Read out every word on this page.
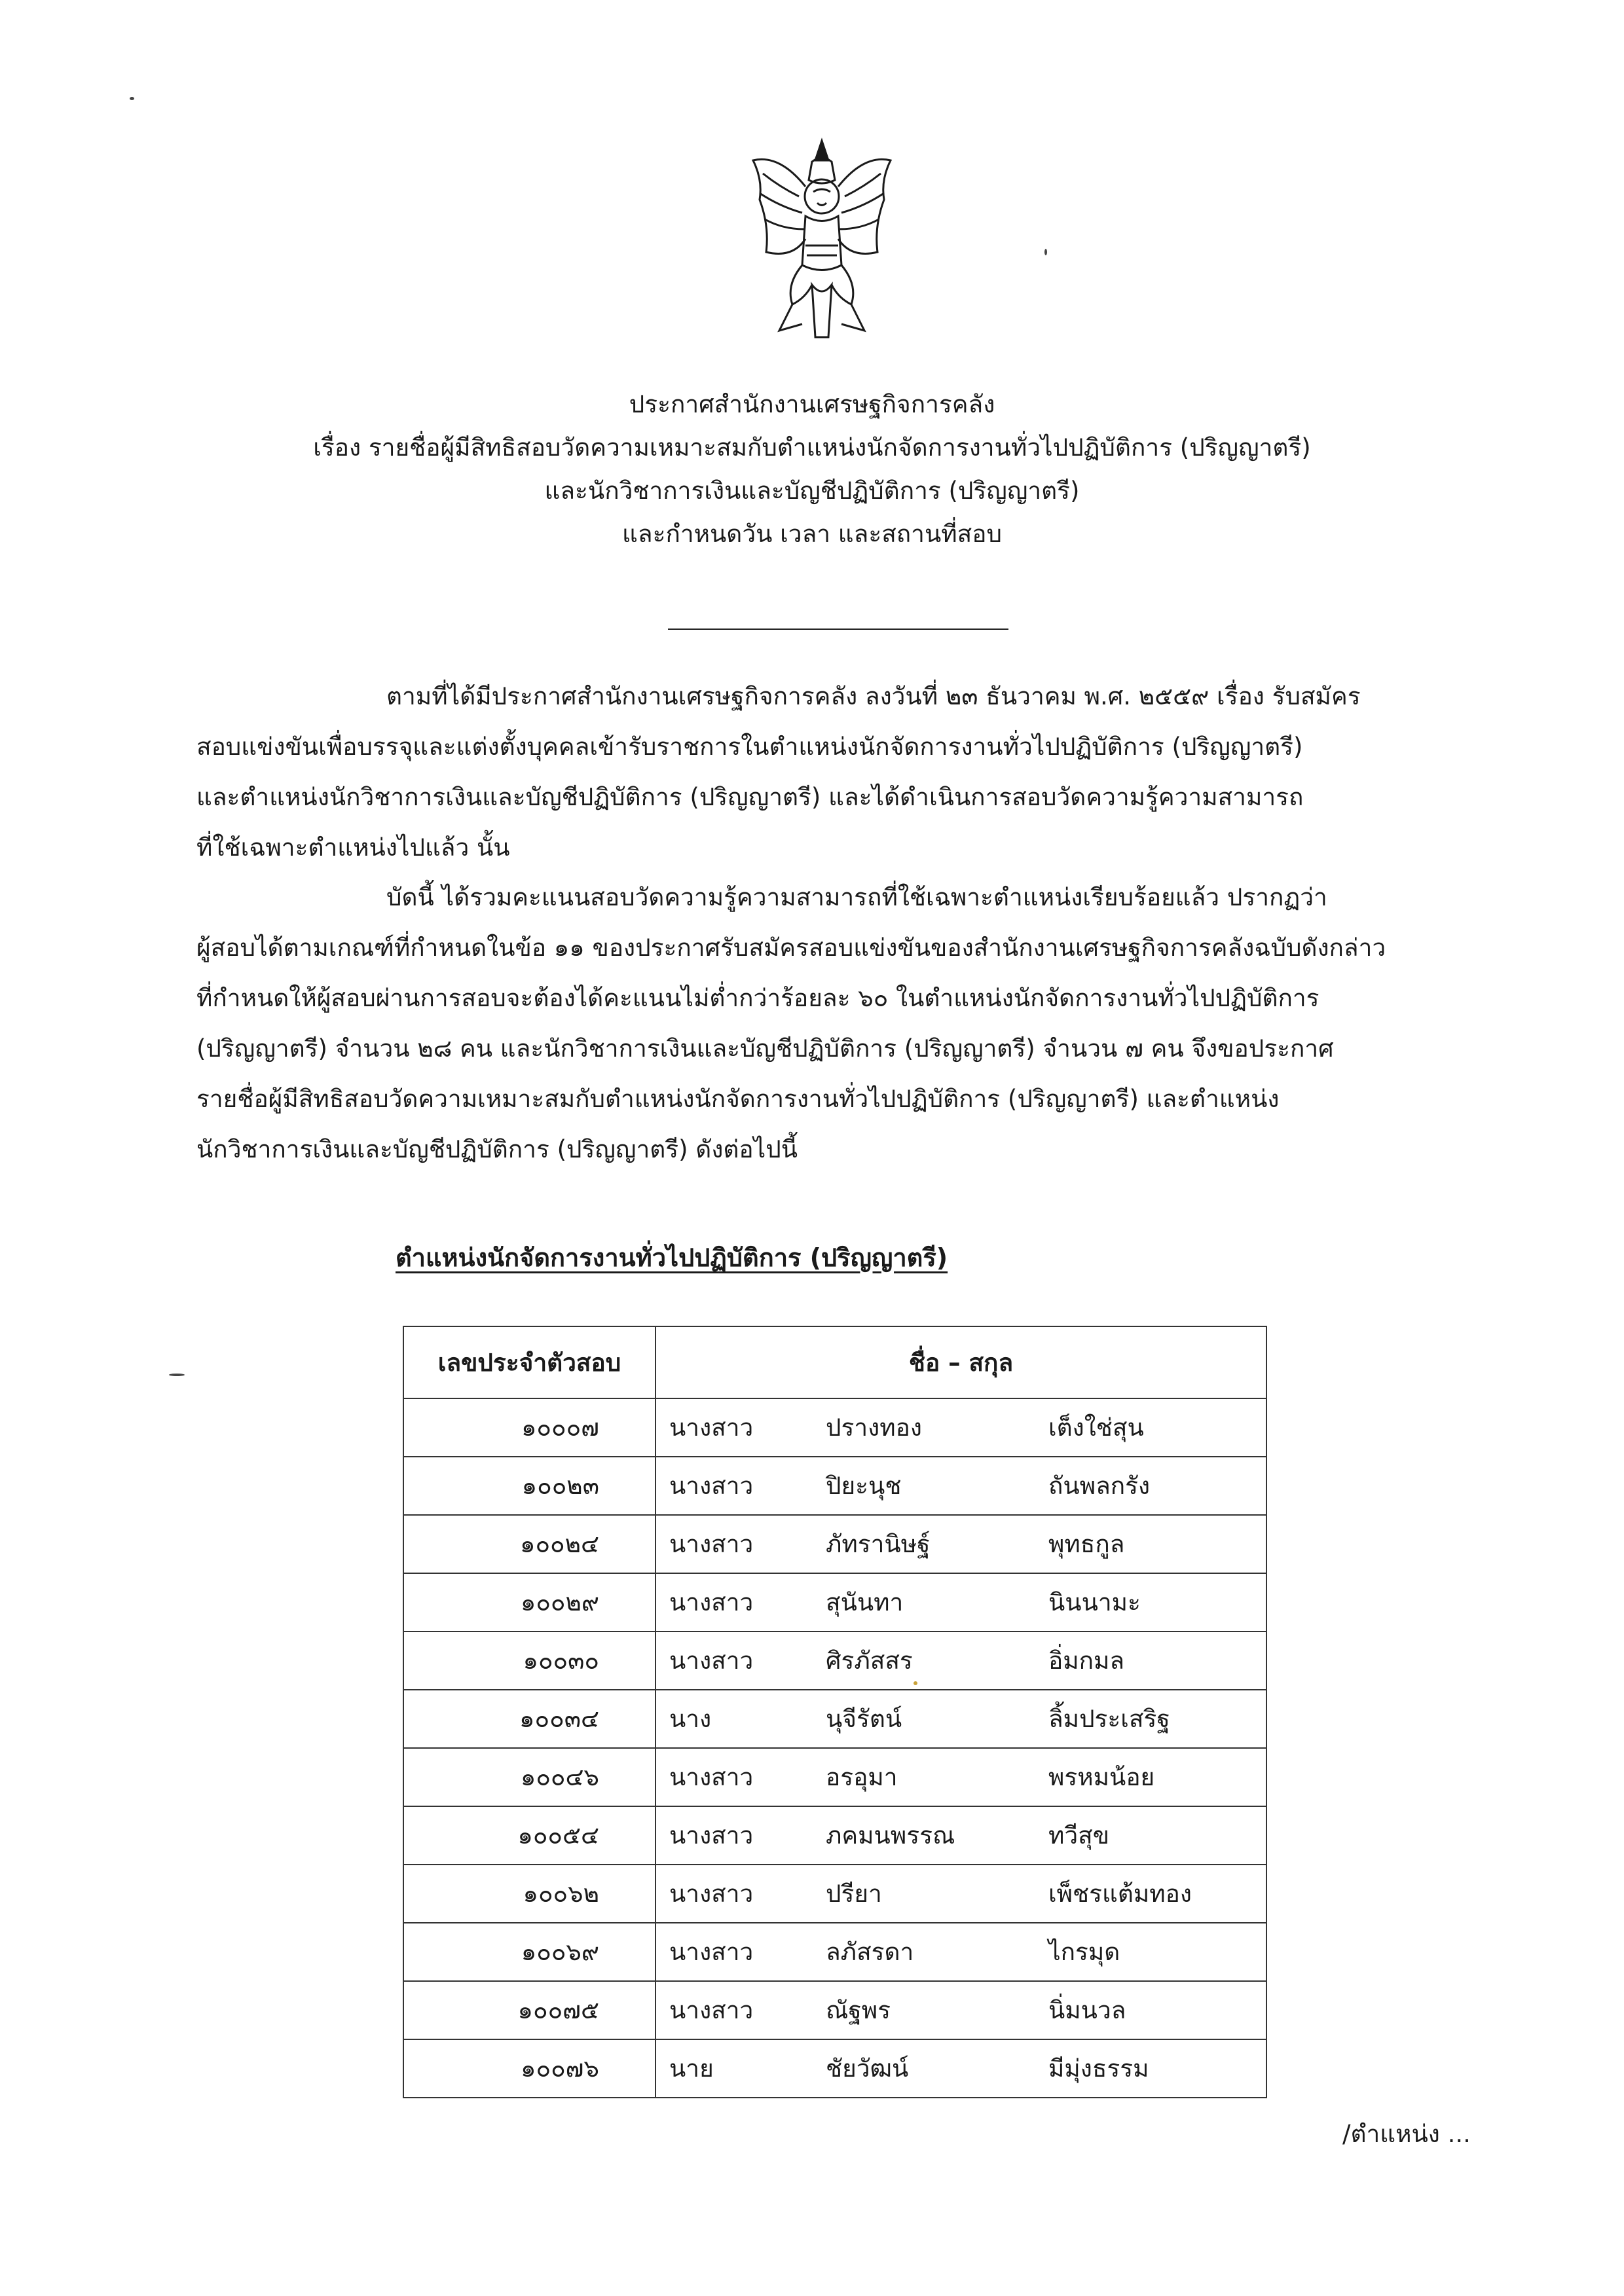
ประกาศสำนักงานเศรษฐกิจการคลัง
เรื่อง รายชื่อผู้มีสิทธิสอบวัดความเหมาะสมกับตำแหน่งนักจัดการงานทั่วไปปฏิบัติการ (ปริญญาตรี)
และนักวิชาการเงินและบัญชีปฏิบัติการ (ปริญญาตรี)
และกำหนดวัน เวลา และสถานที่สอบ
ตามที่ได้มีประกาศสำนักงานเศรษฐกิจการคลัง ลงวันที่ ๒๓ ธันวาคม พ.ศ. ๒๕๕๙ เรื่อง รับสมัคร
สอบแข่งขันเพื่อบรรจุและแต่งตั้งบุคคลเข้ารับราชการในตำแหน่งนักจัดการงานทั่วไปปฏิบัติการ (ปริญญาตรี)
และตำแหน่งนักวิชาการเงินและบัญชีปฏิบัติการ (ปริญญาตรี) และได้ดำเนินการสอบวัดความรู้ความสามารถ
ที่ใช้เฉพาะตำแหน่งไปแล้ว นั้น
บัดนี้ ได้รวมคะแนนสอบวัดความรู้ความสามารถที่ใช้เฉพาะตำแหน่งเรียบร้อยแล้ว ปรากฏว่า
ผู้สอบได้ตามเกณฑ์ที่กำหนดในข้อ ๑๑ ของประกาศรับสมัครสอบแข่งขันของสำนักงานเศรษฐกิจการคลังฉบับดังกล่าว
ที่กำหนดให้ผู้สอบผ่านการสอบจะต้องได้คะแนนไม่ต่ำกว่าร้อยละ ๖๐ ในตำแหน่งนักจัดการงานทั่วไปปฏิบัติการ
(ปริญญาตรี) จำนวน ๒๘ คน และนักวิชาการเงินและบัญชีปฏิบัติการ (ปริญญาตรี) จำนวน ๗ คน จึงขอประกาศ
รายชื่อผู้มีสิทธิสอบวัดความเหมาะสมกับตำแหน่งนักจัดการงานทั่วไปปฏิบัติการ (ปริญญาตรี) และตำแหน่ง
นักวิชาการเงินและบัญชีปฏิบัติการ (ปริญญาตรี) ดังต่อไปนี้
ตำแหน่งนักจัดการงานทั่วไปปฏิบัติการ (ปริญญาตรี)
เลขประจำตัวสอบ	ชื่อ – สกุล		
๑๐๐๐๗	นางสาว	ปรางทอง	เต็งใช่สุน
๑๐๐๒๓	นางสาว	ปิยะนุช	ถันพลกรัง
๑๐๐๒๔	นางสาว	ภัทรานิษฐ์	พุทธกูล
๑๐๐๒๙	นางสาว	สุนันทา	นินนามะ
๑๐๐๓๐	นางสาว	ศิรภัสสร	อิ่มกมล
๑๐๐๓๔	นาง	นุจีรัตน์	ลิ้มประเสริฐ
๑๐๐๔๖	นางสาว	อรอุมา	พรหมน้อย
๑๐๐๕๔	นางสาว	ภคมนพรรณ	ทวีสุข
๑๐๐๖๒	นางสาว	ปรียา	เพ็ชรแต้มทอง
๑๐๐๖๙	นางสาว	ลภัสรดา	ไกรมุด
๑๐๐๗๕	นางสาว	ณัฐพร	นิ่มนวล
๑๐๐๗๖	นาย	ชัยวัฒน์	มีมุ่งธรรม
/ตำแหน่ง ...
